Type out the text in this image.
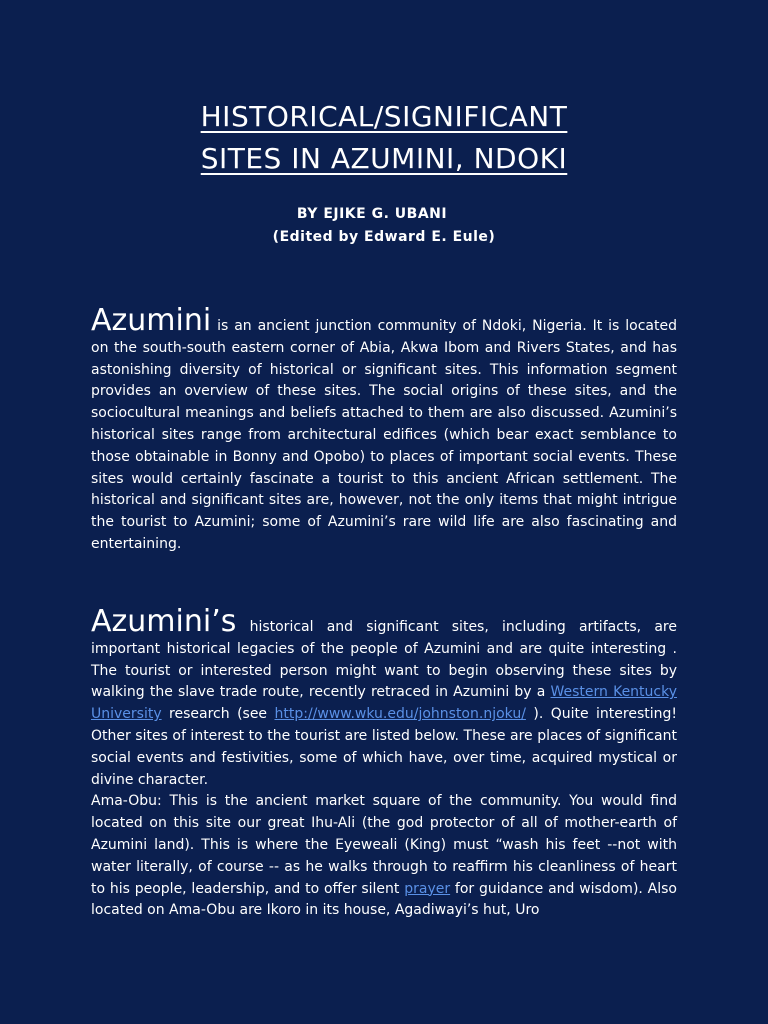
HISTORICAL/SIGNIFICANT
SITES IN AZUMINI, NDOKI
BY EJIKE G. UBANI
(Edited by Edward E. Eule)

Azumini is an ancient junction community of Ndoki, Nigeria. It is located on the south-south eastern corner of Abia, Akwa Ibom and Rivers States, and has astonishing diversity of historical or significant sites. This information segment provides an overview of these sites. The social origins of these sites, and the sociocultural meanings and beliefs attached to them are also discussed. Azumini’s historical sites range from architectural edifices (which bear exact semblance to those obtainable in Bonny and Opobo) to places of important social events. These sites would certainly fascinate a tourist to this ancient African settlement. The historical and significant sites are, however, not the only items that might intrigue the tourist to Azumini; some of Azumini’s rare wild life are also fascinating and entertaining.

Azumini’s historical and significant sites, including artifacts, are important historical legacies of the people of Azumini and are quite interesting . The tourist or interested person might want to begin observing these sites by walking the slave trade route, recently retraced in Azumini by a Western Kentucky University research (see http://www.wku.edu/johnston.njoku/ ). Quite interesting! Other sites of interest to the tourist are listed below. These are places of significant social events and festivities, some of which have, over time, acquired mystical or divine character.
Ama-Obu: This is the ancient market square of the community. You would find located on this site our great Ihu-Ali (the god protector of all of mother-earth of Azumini land). This is where the Eyeweali (King) must “wash his feet --not with water literally, of course -- as he walks through to reaffirm his cleanliness of heart to his people, leadership, and to offer silent prayer for guidance and wisdom). Also located on Ama-Obu are Ikoro in its house, Agadiwayi’s hut, Uro
